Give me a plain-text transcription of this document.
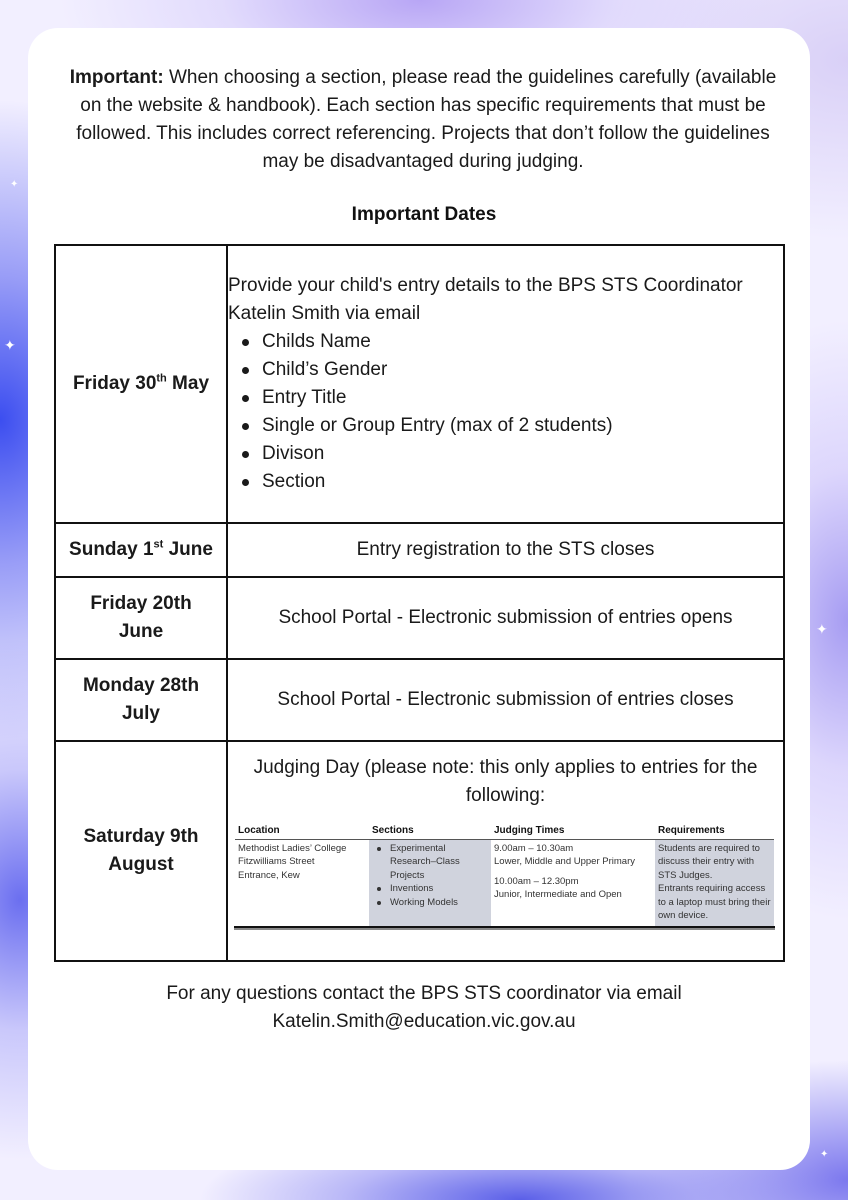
✦
✦
✦
✦
Important: When choosing a section, please read the guidelines carefully (available on the website & handbook). Each section has specific requirements that must be followed. This includes correct referencing. Projects that don’t follow the guidelines may be disadvantaged during judging.
Important Dates
Friday 30th May	
Provide your child's entry details to the BPS STS Coordinator Katelin Smith via email
Childs Name
Child’s Gender
Entry Title
Single or Group Entry (max of 2 students)
Divison
Section

Sunday 1st June	Entry registration to the STS closes

Friday 20th
June
	School Portal - Electronic submission of entries opens

Monday 28th
July
	School Portal - Electronic submission of entries closes

Saturday 9th
August

Judging Day (please note: this only applies to entries for the following:
Location	Sections	Judging Times	Requirements

Methodist Ladies’ College
Fitzwilliams Street
Entrance, Kew

Experimental Research–Class Projects
Inventions
Working Models

9.00am – 10.30am
Lower, Middle and Upper Primary
10.00am – 12.30pm
Junior, Intermediate and Open

Students are required to discuss their entry with STS Judges.
Entrants requiring access to a laptop must bring their own device.

For any questions contact the BPS STS coordinator via email
Katelin.Smith@education.vic.gov.au
